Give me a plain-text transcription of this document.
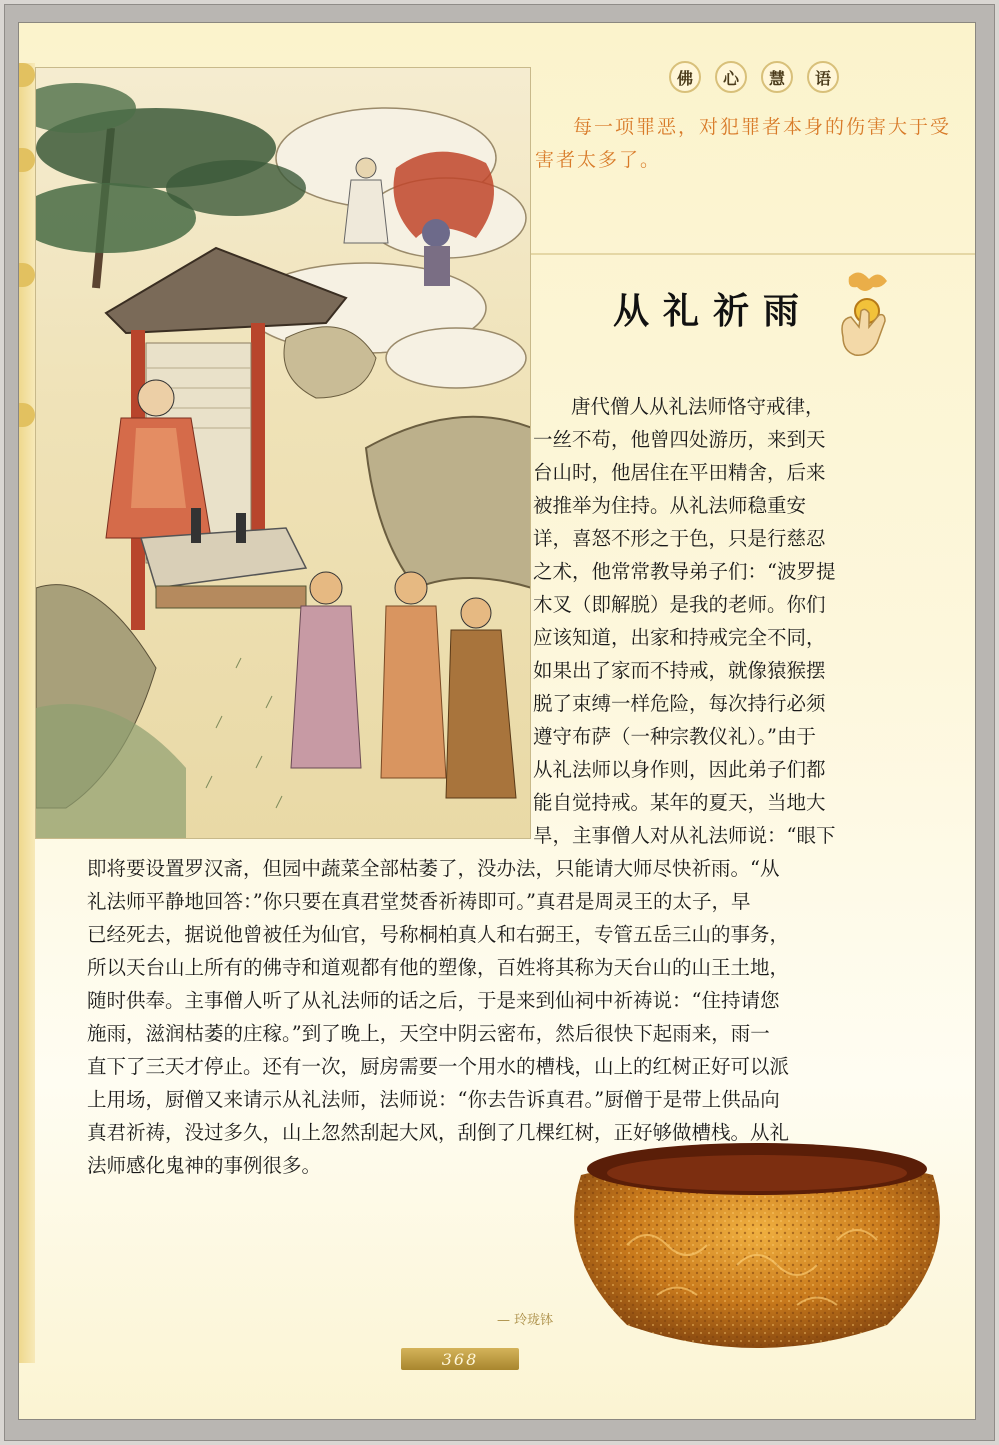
佛	心	慧	语

每一项罪恶，对犯罪者本身的伤害大于受害者太多了。

从礼祈雨
唐代僧人从礼法师恪守戒律，
一丝不苟，他曾四处游历，来到天
台山时，他居住在平田精舍，后来
被推举为住持。从礼法师稳重安
详，喜怒不形之于色，只是行慈忍
之术，他常常教导弟子们：“波罗提
木叉（即解脱）是我的老师。你们
应该知道，出家和持戒完全不同，
如果出了家而不持戒，就像猿猴摆
脱了束缚一样危险，每次持行必须
遵守布萨（一种宗教仪礼）。”由于
从礼法师以身作则，因此弟子们都
能自觉持戒。某年的夏天，当地大
旱，主事僧人对从礼法师说：“眼下
即将要设置罗汉斋，但园中蔬菜全部枯萎了，没办法，只能请大师尽快祈雨。“从
礼法师平静地回答：”你只要在真君堂焚香祈祷即可。”真君是周灵王的太子，早
已经死去，据说他曾被任为仙官，号称桐柏真人和右弼王，专管五岳三山的事务，
所以天台山上所有的佛寺和道观都有他的塑像，百姓将其称为天台山的山王土地，
随时供奉。主事僧人听了从礼法师的话之后，于是来到仙祠中祈祷说：“住持请您
施雨，滋润枯萎的庄稼。”到了晚上，天空中阴云密布，然后很快下起雨来，雨一
直下了三天才停止。还有一次，厨房需要一个用水的槽栈，山上的红树正好可以派
上用场，厨僧又来请示从礼法师，法师说：“你去告诉真君。”厨僧于是带上供品向
真君祈祷，没过多久，山上忽然刮起大风，刮倒了几棵红树，正好够做槽栈。从礼
法师感化鬼神的事例很多。
— 玲珑钵
368
